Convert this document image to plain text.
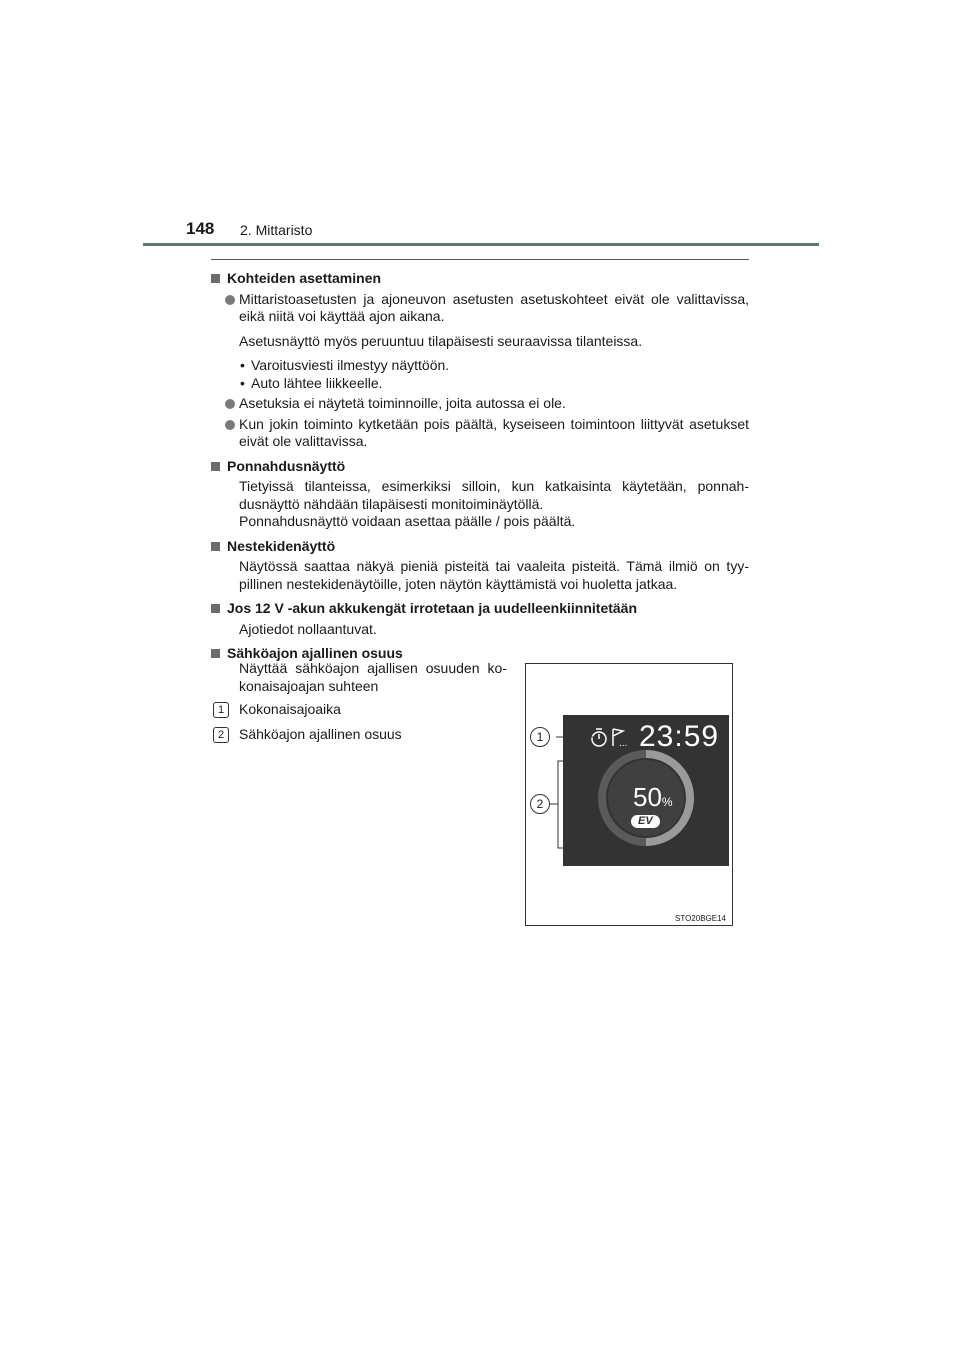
148 2. Mittaristo
Kohteiden asettaminen
Mittaristoasetusten ja ajoneuvon asetusten asetuskohteet eivät ole valittavissa, eikä niitä voi käyttää ajon aikana.
Asetusnäyttö myös peruuntuu tilapäisesti seuraavissa tilanteissa.
• Varoitusviesti ilmestyy näyttöön.
• Auto lähtee liikkeelle.
Asetuksia ei näytetä toiminnoille, joita autossa ei ole.
Kun jokin toiminto kytketään pois päältä, kyseiseen toimintoon liittyvät asetukset eivät ole valittavissa.
Ponnahdusnäyttö
Tietyissä tilanteissa, esimerkiksi silloin, kun katkaisinta käytetään, ponnahdusnäyttö nähdään tilapäisesti monitoiminäytöllä.
Ponnahdusnäyttö voidaan asettaa päälle / pois päältä.
Nestekidenäyttö
Näytössä saattaa näkyä pieniä pisteitä tai vaaleita pisteitä. Tämä ilmiö on tyypillinen nestekidenäytöille, joten näytön käyttämistä voi huoletta jatkaa.
Jos 12 V -akun akkukengät irrotetaan ja uudelleenkiinnitetään
Ajotiedot nollaantuvat.
Sähköajon ajallinen osuus
Näyttää sähköajon ajallisen osuuden kokonaisajoajan suhteen
1	Kokonaisajoaika
2	Sähköajon ajallinen osuus
... 23:59
50%
EV
1
2
STO20BGE14
